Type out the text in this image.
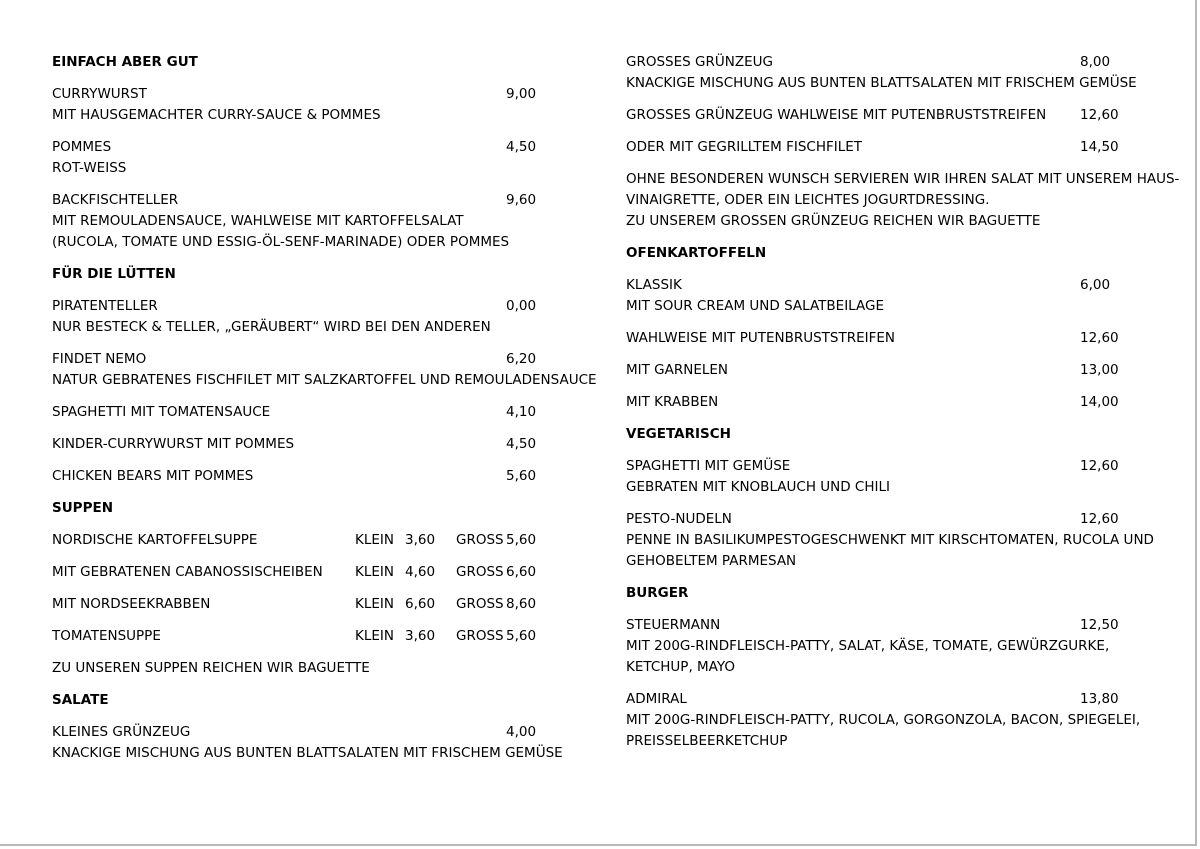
EINFACH ABER GUT
CURRYWURST	9,00
MIT HAUSGEMACHTER CURRY-SAUCE & POMMES
POMMES	4,50
ROT-WEISS
BACKFISCHTELLER	9,60
MIT REMOULADENSAUCE, WAHLWEISE MIT KARTOFFELSALAT
(RUCOLA, TOMATE UND ESSIG-ÖL-SENF-MARINADE) ODER POMMES
FÜR DIE LÜTTEN
PIRATENTELLER	0,00
NUR BESTECK & TELLER, „GERÄUBERT“ WIRD BEI DEN ANDEREN
FINDET NEMO	6,20
NATUR GEBRATENES FISCHFILET MIT SALZKARTOFFEL UND REMOULADENSAUCE
SPAGHETTI MIT TOMATENSAUCE	4,10
KINDER-CURRYWURST MIT POMMES	4,50
CHICKEN BEARS MIT POMMES	5,60
SUPPEN
NORDISCHE KARTOFFELSUPPE	KLEIN 3,60 GROSS 5,60
MIT GEBRATENEN CABANOSSISCHEIBEN KLEIN 4,60 GROSS 6,60
MIT NORDSEEKRABBEN	KLEIN 6,60 GROSS 8,60
TOMATENSUPPE	KLEIN 3,60 GROSS 5,60
ZU UNSEREN SUPPEN REICHEN WIR BAGUETTE
SALATE
KLEINES GRÜNZEUG	4,00
KNACKIGE MISCHUNG AUS BUNTEN BLATTSALATEN MIT FRISCHEM GEMÜSE
GROSSES GRÜNZEUG	8,00
KNACKIGE MISCHUNG AUS BUNTEN BLATTSALATEN MIT FRISCHEM GEMÜSE
GROSSES GRÜNZEUG WAHLWEISE MIT PUTENBRUSTSTREIFEN 12,60
ODER MIT GEGRILLTEM FISCHFILET	14,50
OHNE BESONDEREN WUNSCH SERVIEREN WIR IHREN SALAT MIT UNSEREM HAUS-
VINAIGRETTE, ODER EIN LEICHTES JOGURTDRESSING.
ZU UNSEREM GROSSEN GRÜNZEUG REICHEN WIR BAGUETTE
OFENKARTOFFELN
KLASSIK	6,00
MIT SOUR CREAM UND SALATBEILAGE
WAHLWEISE MIT PUTENBRUSTSTREIFEN	12,60
MIT GARNELEN	13,00
MIT KRABBEN	14,00
VEGETARISCH
SPAGHETTI MIT GEMÜSE	12,60
GEBRATEN MIT KNOBLAUCH UND CHILI
PESTO-NUDELN	12,60
PENNE IN BASILIKUMPESTOGESCHWENKT MIT KIRSCHTOMATEN, RUCOLA UND
GEHOBELTEM PARMESAN
BURGER
STEUERMANN	12,50
MIT 200G-RINDFLEISCH-PATTY, SALAT, KÄSE, TOMATE, GEWÜRZGURKE,
KETCHUP, MAYO
ADMIRAL	13,80
MIT 200G-RINDFLEISCH-PATTY, RUCOLA, GORGONZOLA, BACON, SPIEGELEI,
PREISSELBEERKETCHUP
